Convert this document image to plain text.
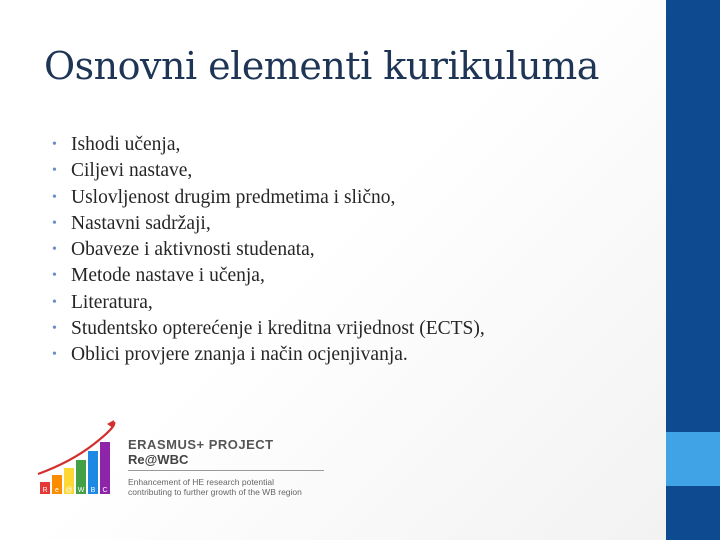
Osnovni elementi kurikuluma
• Ishodi učenja,
• Ciljevi nastave,
• Uslovljenost drugim predmetima i slično,
• Nastavni sadržaji,
• Obaveze i aktivnosti studenata,
• Metode nastave i učenja,
• Literatura,
• Studentsko opterećenje i kreditna vrijednost (ECTS),
• Oblici provjere znanja i način ocjenjivanja.
R e @ W B C
ERASMUS+ PROJECT
Re@WBC
Enhancement of HE research potential
contributing to further growth of the WB region
